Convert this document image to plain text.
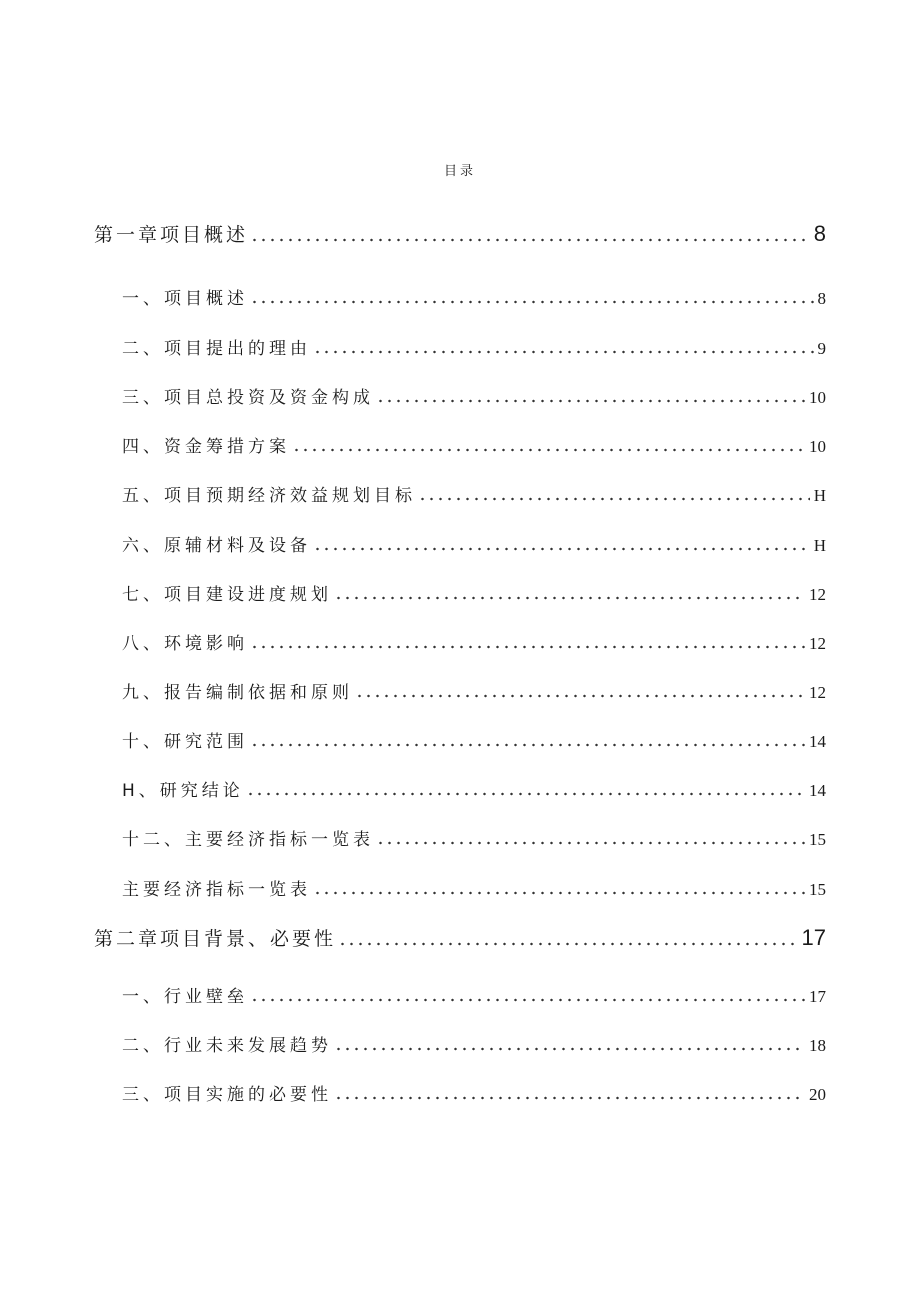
目录
第一章项目概述	8
一、项目概述	8
二、项目提出的理由	9
三、项目总投资及资金构成	10
四、资金筹措方案	10
五、项目预期经济效益规划目标	H
六、原辅材料及设备	H
七、项目建设进度规划	12
八、环境影响	12
九、报告编制依据和原则	12
十、研究范围	14
H、研究结论	14
十二、主要经济指标一览表	15
主要经济指标一览表	15
第二章项目背景、必要性	17
一、行业壁垒	17
二、行业未来发展趋势	18
三、项目实施的必要性	20
